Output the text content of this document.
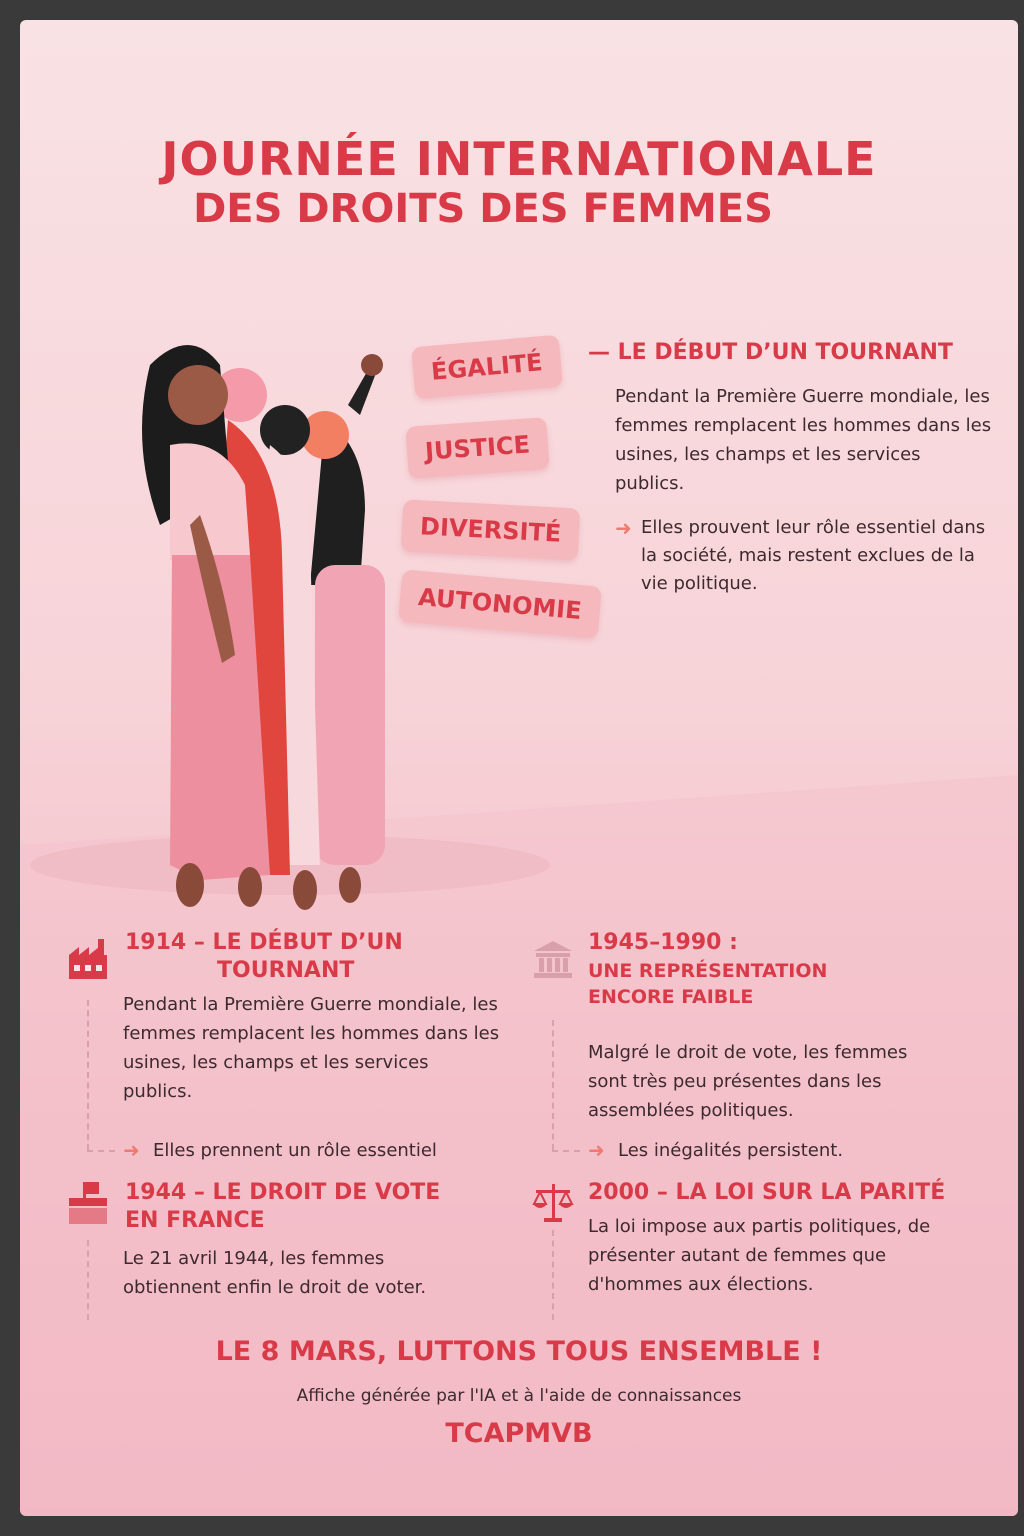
JOURNÉE INTERNATIONALE
DES DROITS DES FEMMES
ÉGALITÉ
JUSTICE
DIVERSITÉ
AUTONOMIE
— LE DÉBUT D’UN TOURNANT

Pendant la Première Guerre mondiale, les femmes remplacent les hommes dans les usines, les champs et les services publics.

➜ Elles prouvent leur rôle essentiel dans la société, mais restent exclues de la vie politique.

1914 – LE DÉBUT D’UN

TOURNANT

Pendant la Première Guerre mondiale, les femmes remplacent les hommes dans les usines, les champs et les services publics.

➜ Elles prennent un rôle essentiel

1945–1990 :

UNE REPRÉSENTATION

ENCORE FAIBLE

Malgré le droit de vote, les femmes sont très peu présentes dans les assemblées politiques.

➜ Les inégalités persistent.

1944 – LE DROIT DE VOTE

EN FRANCE

Le 21 avril 1944, les femmes obtiennent enfin le droit de voter.

2000 – LA LOI SUR LA PARITÉ

La loi impose aux partis politiques, de présenter autant de femmes que d'hommes aux élections.

LE 8 MARS, LUTTONS TOUS ENSEMBLE !

Affiche générée par l'IA et à l'aide de connaissances

TCAPMVB
